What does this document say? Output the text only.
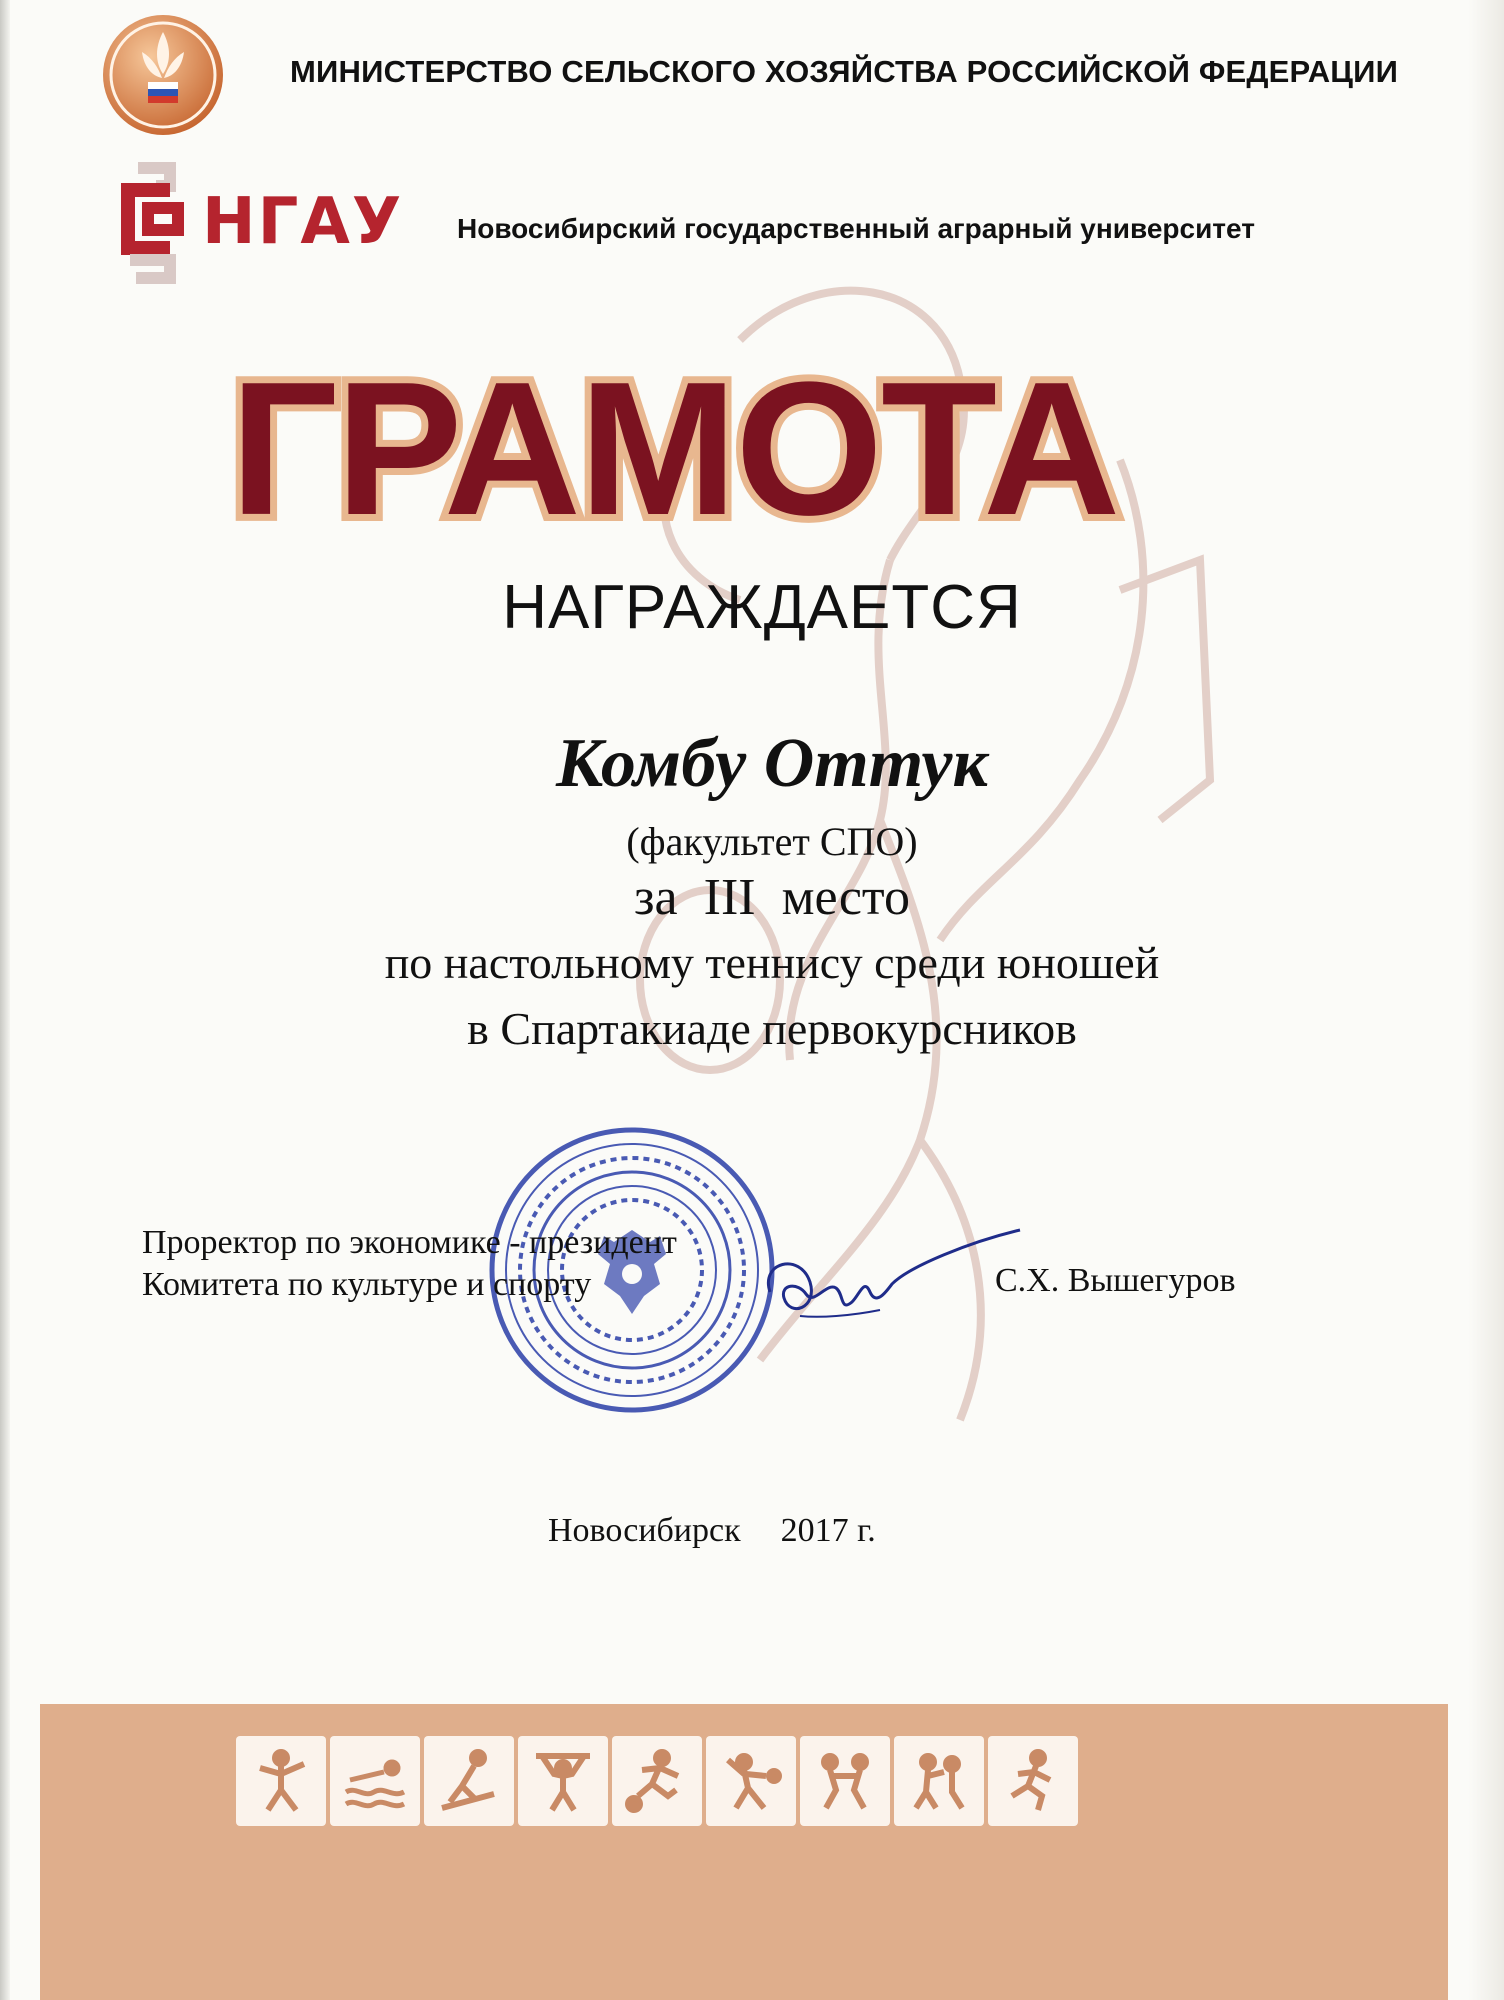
МИНИСТЕРСТВО СЕЛЬСКОГО ХОЗЯЙСТВА РОССИЙСКОЙ ФЕДЕРАЦИИ
НГАУ Новосибирский государственный аграрный университет
ГРАМОТА
НАГРАЖДАЕТСЯ
Комбу Оттук
(факультет СПО)
за  III  место
по настольному теннису среди юношей
в Спартакиаде первокурсников
Проректор по экономике - президент
Комитета по культуре и спорту	С.Х. Вышегуров
Новосибирск 2017 г.
